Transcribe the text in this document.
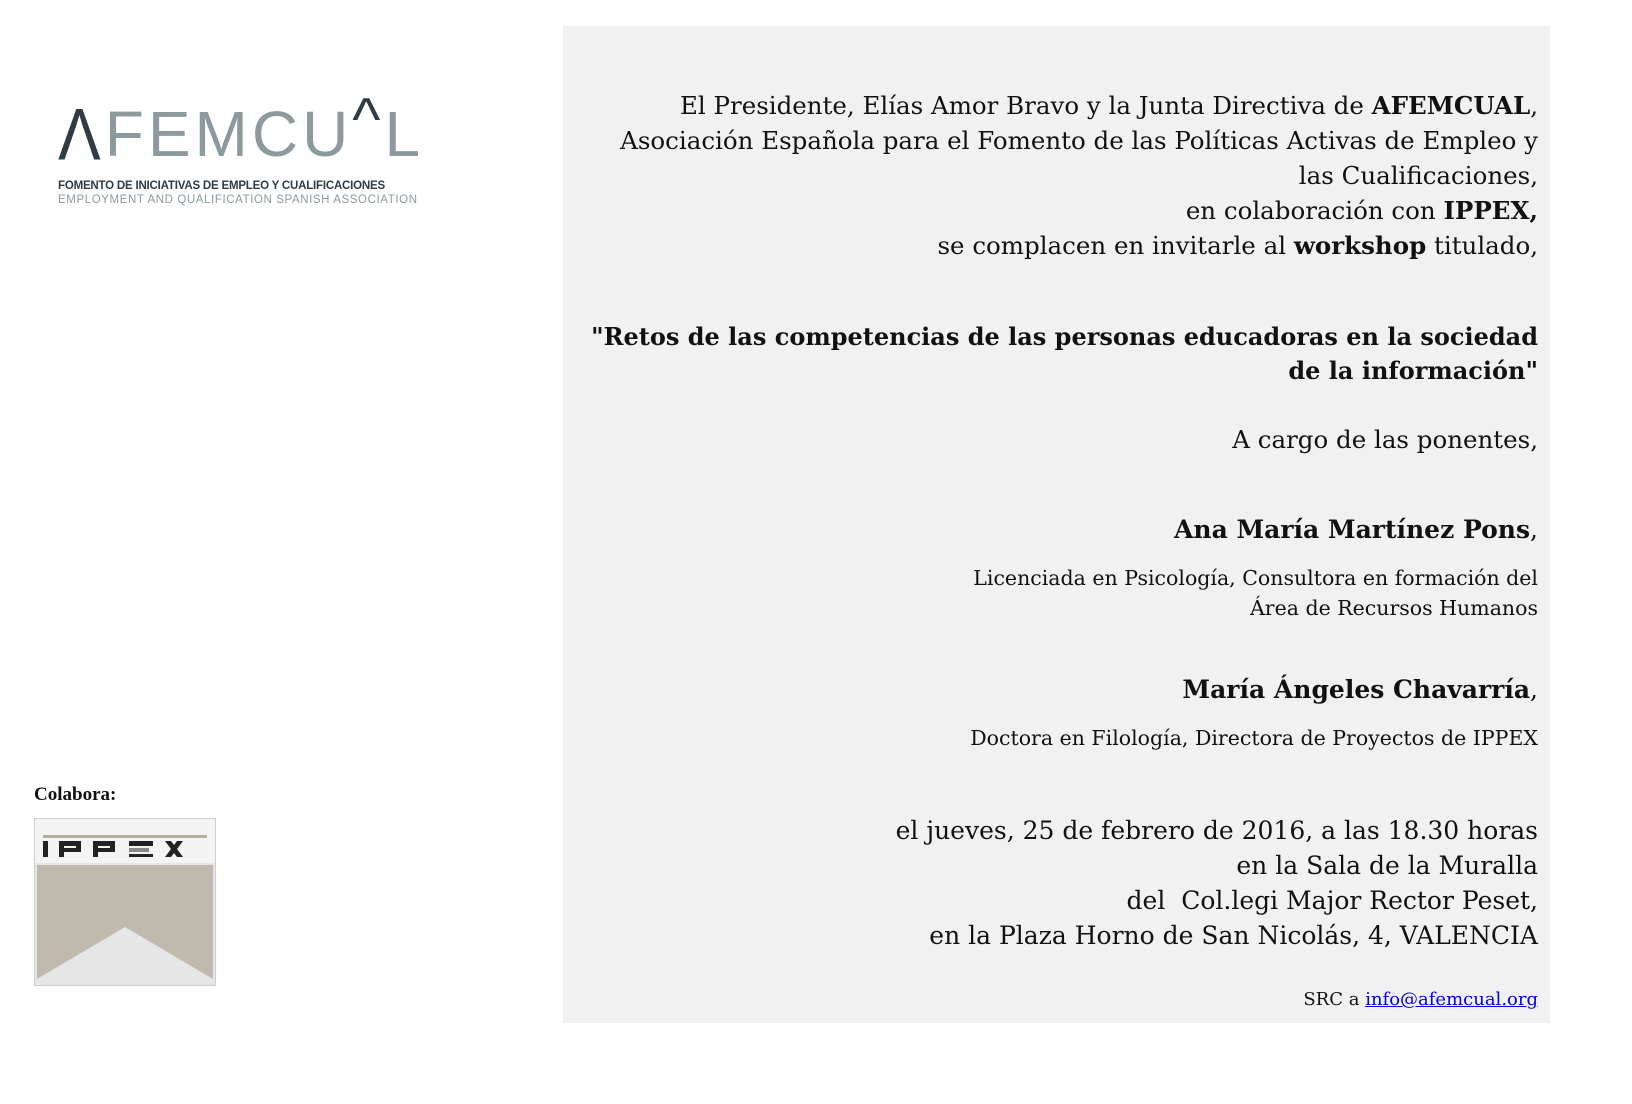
Λ FEMCU ^ L
FOMENTO DE INICIATIVAS DE EMPLEO Y CUALIFICACIONES
EMPLOYMENT AND QUALIFICATION SPANISH ASSOCIATION
Colabora:
El Presidente, Elías Amor Bravo y la Junta Directiva de AFEMCUAL,
Asociación Española para el Fomento de las Políticas Activas de Empleo y las Cualificaciones,
en colaboración con IPPEX,
se complacen en invitarle al workshop titulado,
"Retos de las competencias de las personas educadoras en la sociedad de la información"
A cargo de las ponentes,
Ana María Martínez Pons,
Licenciada en Psicología, Consultora en formación del
Área de Recursos Humanos
María Ángeles Chavarría,
Doctora en Filología, Directora de Proyectos de IPPEX
el jueves, 25 de febrero de 2016, a las 18.30 horas
en la Sala de la Muralla
del  Col.legi Major Rector Peset,
en la Plaza Horno de San Nicolás, 4, VALENCIA
SRC a info@afemcual.org
